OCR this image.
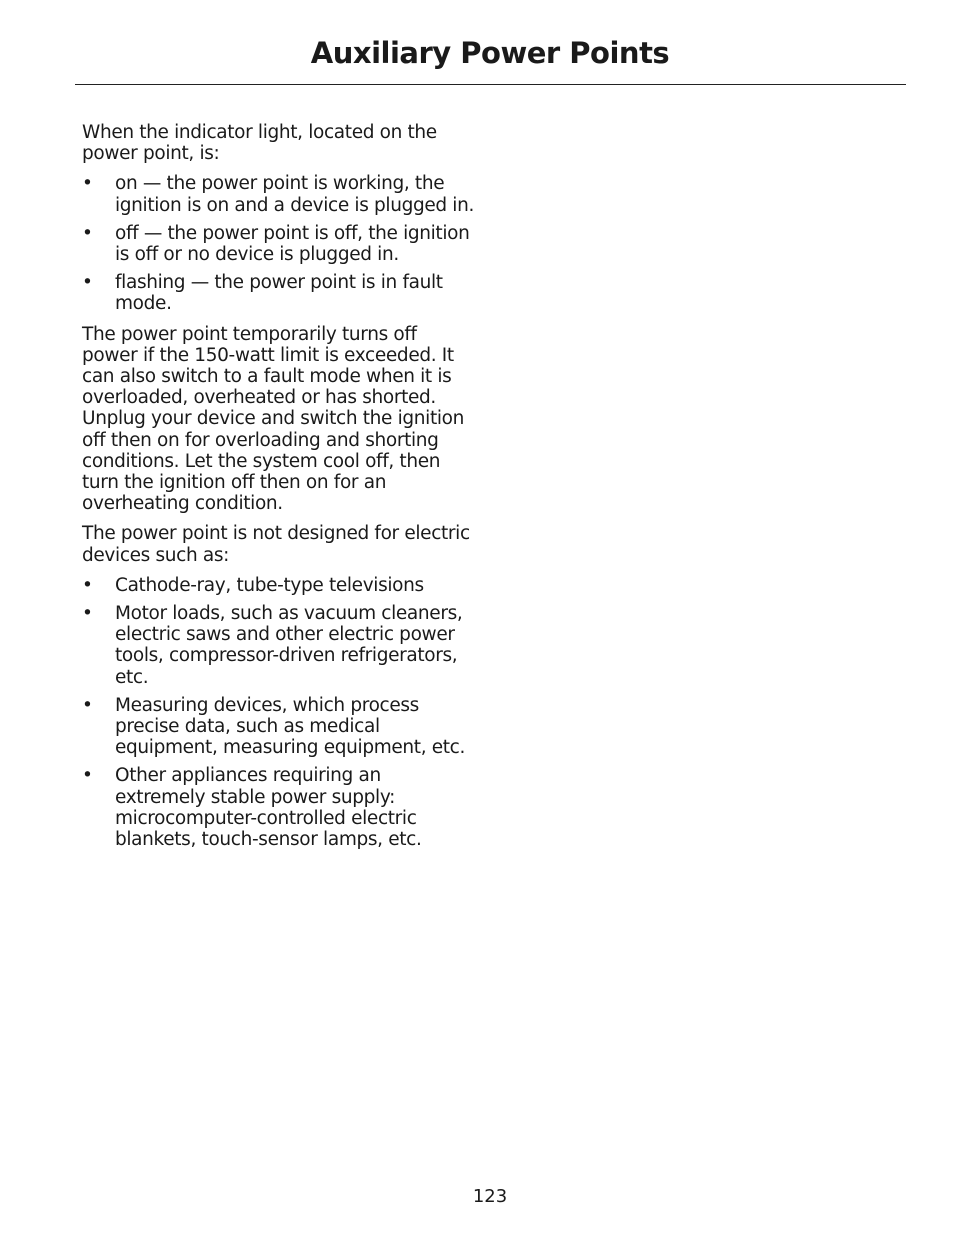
Auxiliary Power Points

When the indicator light, located on the power point, is:

• on — the power point is working, the ignition is on and a device is plugged in.
• off — the power point is off, the ignition is off or no device is plugged in.
• flashing — the power point is in fault mode.

The power point temporarily turns off power if the 150-watt limit is exceeded. It can also switch to a fault mode when it is overloaded, overheated or has shorted. Unplug your device and switch the ignition off then on for overloading and shorting conditions. Let the system cool off, then turn the ignition off then on for an overheating condition.

The power point is not designed for electric devices such as:

• Cathode-ray, tube-type televisions
• Motor loads, such as vacuum cleaners, electric saws and other electric power tools, compressor-driven refrigerators, etc.
• Measuring devices, which process precise data, such as medical equipment, measuring equipment, etc.
• Other appliances requiring an extremely stable power supply: microcomputer-controlled electric blankets, touch-sensor lamps, etc.
123
